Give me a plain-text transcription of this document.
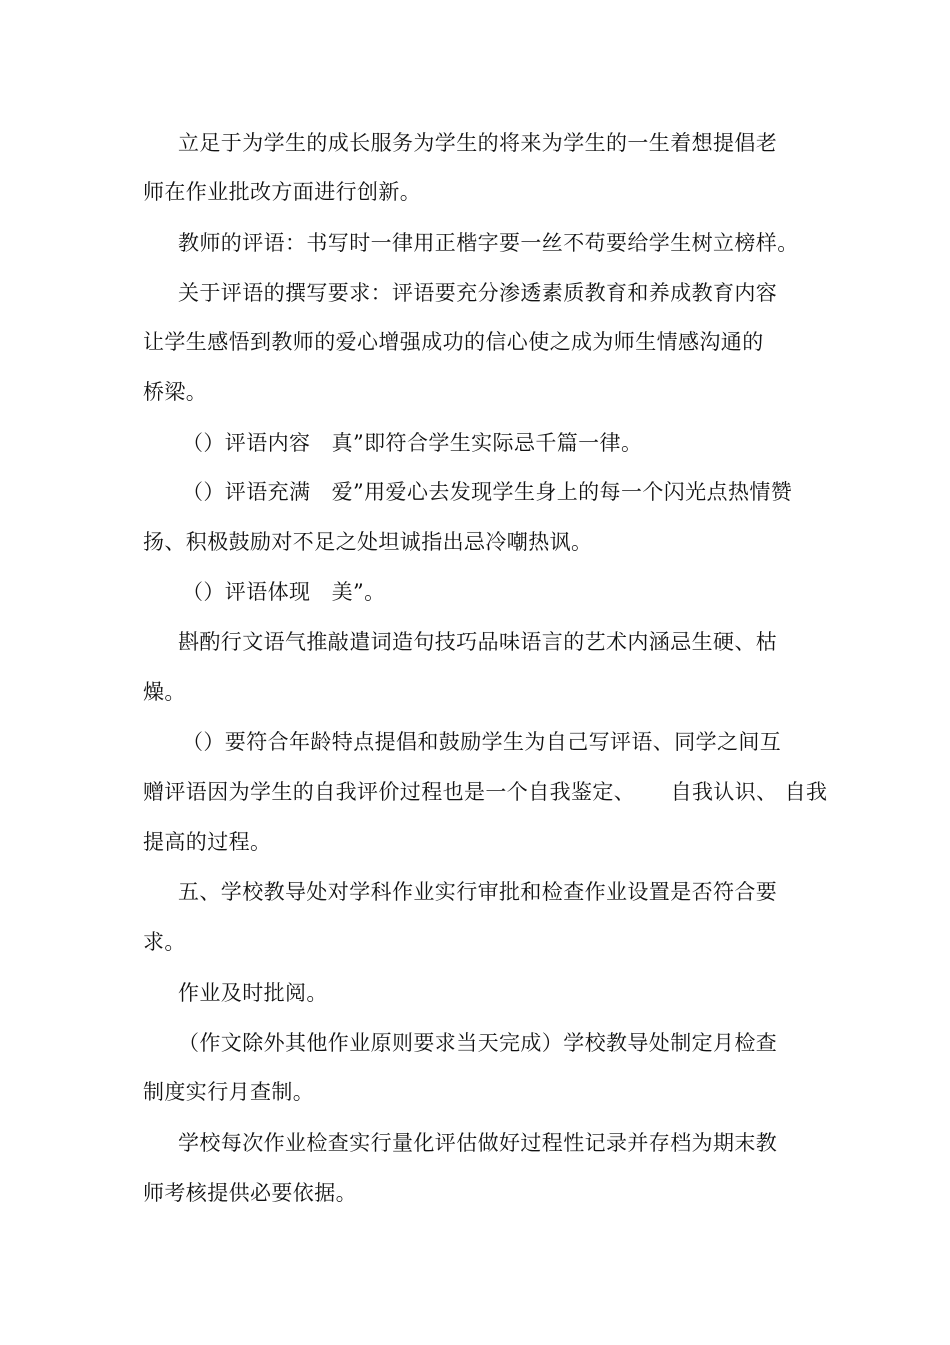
立足于为学生的成长服务为学生的将来为学生的一生着想提倡老
师在作业批改方面进行创新。
教师的评语：书写时一律用正楷字要一丝不苟要给学生树立榜样。
关于评语的撰写要求：评语要充分渗透素质教育和养成教育内容
让学生感悟到教师的爱心增强成功的信心使之成为师生情感沟通的
桥梁。
（）评语内容   真”即符合学生实际忌千篇一律。
（）评语充满   爱”用爱心去发现学生身上的每一个闪光点热情赞
扬、积极鼓励对不足之处坦诚指出忌冷嘲热讽。
（）评语体现   美”。
斟酌行文语气推敲遣词造句技巧品味语言的艺术内涵忌生硬、枯
燥。
（）要符合年龄特点提倡和鼓励学生为自己写评语、同学之间互
赠评语因为学生的自我评价过程也是一个自我鉴定、     自我认识、 自我
提高的过程。
五、学校教导处对学科作业实行审批和检查作业设置是否符合要
求。
作业及时批阅。
（作文除外其他作业原则要求当天完成）学校教导处制定月检查
制度实行月查制。
学校每次作业检查实行量化评估做好过程性记录并存档为期末教
师考核提供必要依据。
